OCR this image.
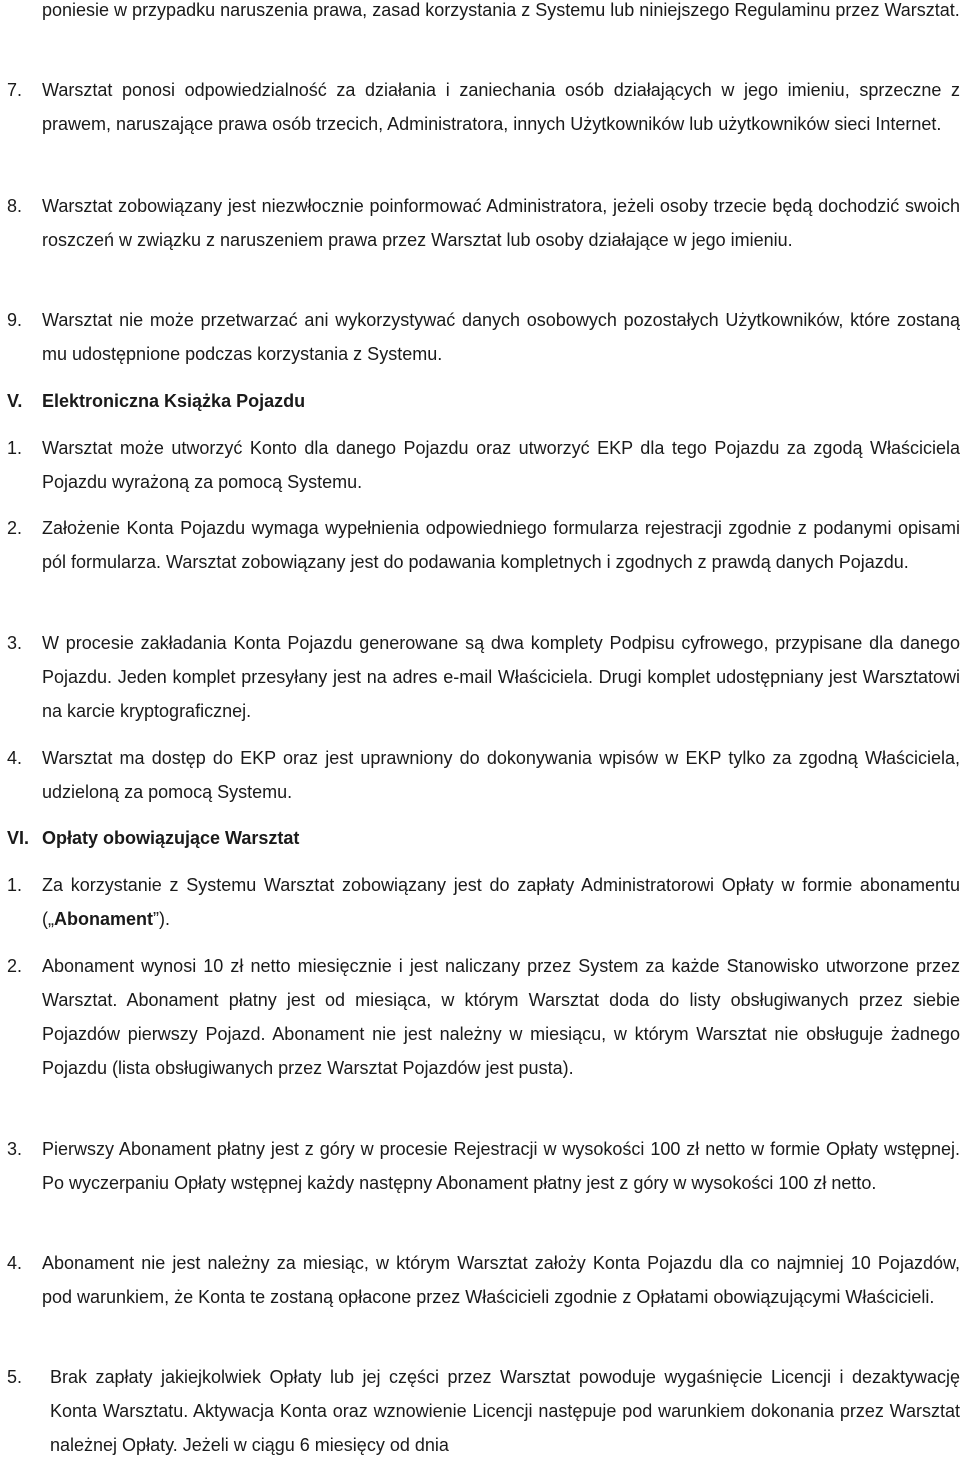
poniesie w przypadku naruszenia prawa, zasad korzystania z Systemu lub niniejszego Regulaminu przez Warsztat.
7.	Warsztat ponosi odpowiedzialność za działania i zaniechania osób działających w jego imieniu, sprzeczne z prawem, naruszające prawa osób trzecich, Administratora, innych Użytkowników lub użytkowników sieci Internet.
8.	Warsztat zobowiązany jest niezwłocznie poinformować Administratora, jeżeli osoby trzecie będą dochodzić swoich roszczeń w związku z naruszeniem prawa przez Warsztat lub osoby działające w jego imieniu.
9.	Warsztat nie może przetwarzać ani wykorzystywać danych osobowych pozostałych Użytkowników, które zostaną mu udostępnione podczas korzystania z Systemu.
V. Elektroniczna Książka Pojazdu
1.	Warsztat może utworzyć Konto dla danego Pojazdu oraz utworzyć EKP dla tego Pojazdu za zgodą Właściciela Pojazdu wyrażoną za pomocą Systemu.
2.	Założenie Konta Pojazdu wymaga wypełnienia odpowiedniego formularza rejestracji zgodnie z podanymi opisami pól formularza. Warsztat zobowiązany jest do podawania kompletnych i zgodnych z prawdą danych Pojazdu.
3.	W procesie zakładania Konta Pojazdu generowane są dwa komplety Podpisu cyfrowego, przypisane dla danego Pojazdu. Jeden komplet przesyłany jest na adres e-mail Właściciela. Drugi komplet udostępniany jest Warsztatowi na karcie kryptograficznej.
4.	Warsztat ma dostęp do EKP oraz jest uprawniony do dokonywania wpisów w EKP tylko za zgodną Właściciela, udzieloną za pomocą Systemu.
VI. Opłaty obowiązujące Warsztat
1.	Za korzystanie z Systemu Warsztat zobowiązany jest do zapłaty Administratorowi Opłaty w formie abonamentu („Abonament”).
2.	Abonament wynosi 10 zł netto miesięcznie i jest naliczany przez System za każde Stanowisko utworzone przez Warsztat. Abonament płatny jest od miesiąca, w którym Warsztat doda do listy obsługiwanych przez siebie Pojazdów pierwszy Pojazd. Abonament nie jest należny w miesiącu, w którym Warsztat nie obsługuje żadnego Pojazdu (lista obsługiwanych przez Warsztat Pojazdów jest pusta).
3.	Pierwszy Abonament płatny jest z góry w procesie Rejestracji w wysokości 100 zł netto w formie Opłaty wstępnej. Po wyczerpaniu Opłaty wstępnej każdy następny Abonament płatny jest z góry w wysokości 100 zł netto.
4.	Abonament nie jest należny za miesiąc, w którym Warsztat założy Konta Pojazdu dla co najmniej 10 Pojazdów, pod warunkiem, że Konta te zostaną opłacone przez Właścicieli zgodnie z Opłatami obowiązującymi Właścicieli.
5.	Brak zapłaty jakiejkolwiek Opłaty lub jej części przez Warsztat powoduje wygaśnięcie Licencji i dezaktywację Konta Warsztatu. Aktywacja Konta oraz wznowienie Licencji następuje pod warunkiem dokonania przez Warsztat należnej Opłaty. Jeżeli w ciągu 6 miesięcy od dnia
